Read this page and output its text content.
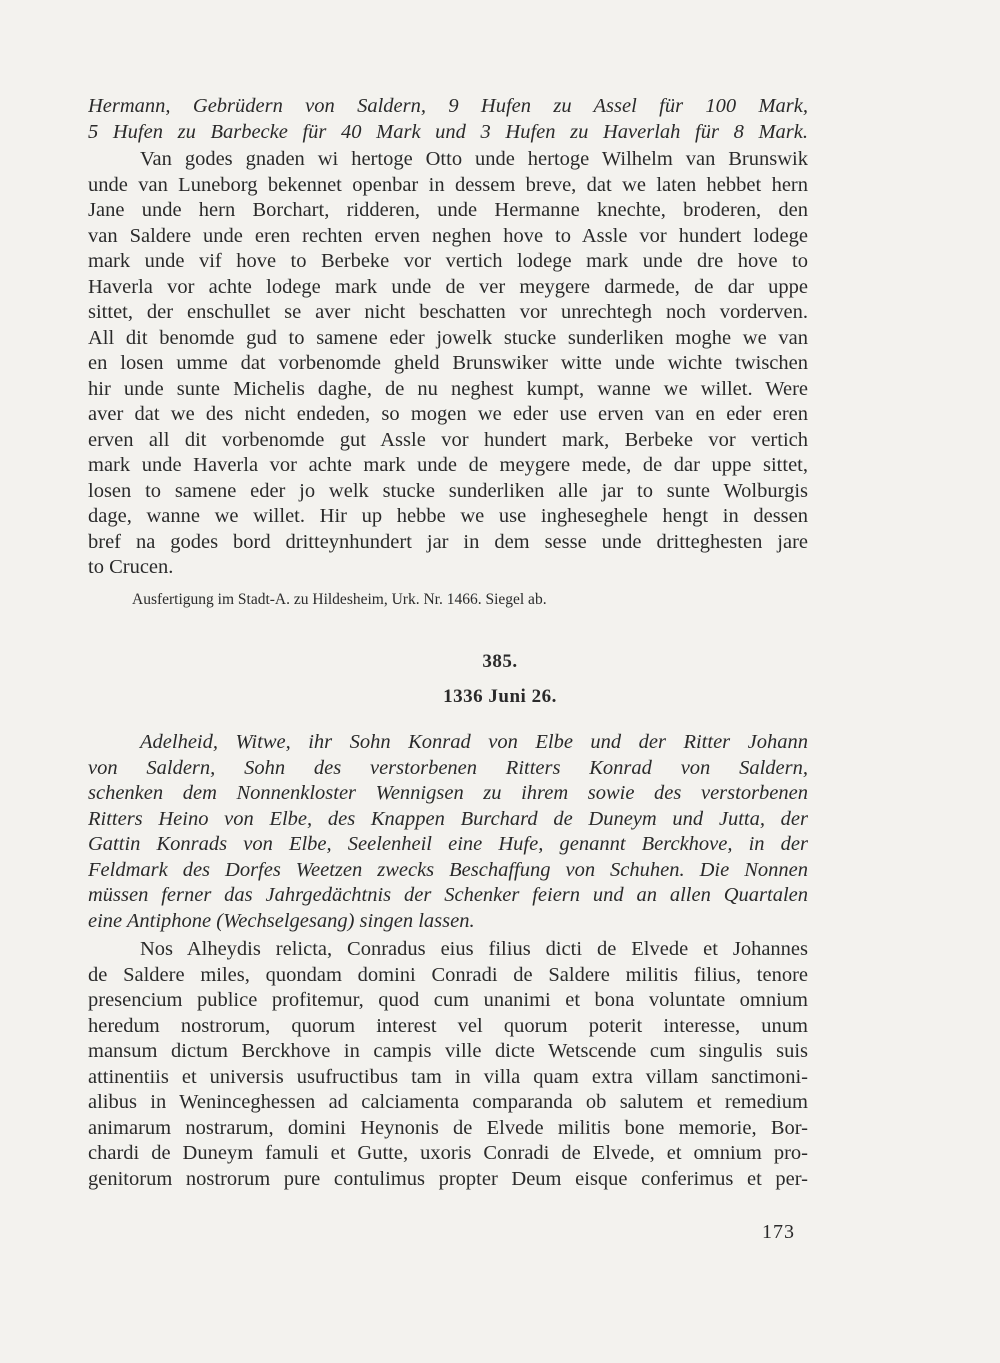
Hermann, Gebrüdern von Saldern, 9 Hufen zu Assel für 100 Mark,
5 Hufen zu Barbecke für 40 Mark und 3 Hufen zu Haverlah für 8 Mark.
Van godes gnaden wi hertoge Otto unde hertoge Wilhelm van Brunswik
unde van Luneborg bekennet openbar in dessem breve, dat we laten hebbet hern
Jane unde hern Borchart, ridderen, unde Hermanne knechte, broderen, den
van Saldere unde eren rechten erven neghen hove to Assle vor hundert lodege
mark unde vif hove to Berbeke vor vertich lodege mark unde dre hove to
Haverla vor achte lodege mark unde de ver meygere darmede, de dar uppe
sittet, der enschullet se aver nicht beschatten vor unrechtegh noch vorderven.
All dit benomde gud to samene eder jowelk stucke sunderliken moghe we van
en losen umme dat vorbenomde gheld Brunswiker witte unde wichte twischen
hir unde sunte Michelis daghe, de nu neghest kumpt, wanne we willet. Were
aver dat we des nicht endeden, so mogen we eder use erven van en eder eren
erven all dit vorbenomde gut Assle vor hundert mark, Berbeke vor vertich
mark unde Haverla vor achte mark unde de meygere mede, de dar uppe sittet,
losen to samene eder jo welk stucke sunderliken alle jar to sunte Wolburgis
dage, wanne we willet. Hir up hebbe we use ingheseghele hengt in dessen
bref na godes bord dritteynhundert jar in dem sesse unde dritteghesten jare
to Crucen.
Ausfertigung im Stadt-A. zu Hildesheim, Urk. Nr. 1466. Siegel ab.
385.
1336 Juni 26.
Adelheid, Witwe, ihr Sohn Konrad von Elbe und der Ritter Johann
von Saldern, Sohn des verstorbenen Ritters Konrad von Saldern,
schenken dem Nonnenkloster Wennigsen zu ihrem sowie des verstorbenen
Ritters Heino von Elbe, des Knappen Burchard de Duneym und Jutta, der
Gattin Konrads von Elbe, Seelenheil eine Hufe, genannt Berckhove, in der
Feldmark des Dorfes Weetzen zwecks Beschaffung von Schuhen. Die Nonnen
müssen ferner das Jahrgedächtnis der Schenker feiern und an allen Quartalen
eine Antiphone (Wechselgesang) singen lassen.
Nos Alheydis relicta, Conradus eius filius dicti de Elvede et Johannes
de Saldere miles, quondam domini Conradi de Saldere militis filius, tenore
presencium publice profitemur, quod cum unanimi et bona voluntate omnium
heredum nostrorum, quorum interest vel quorum poterit interesse, unum
mansum dictum Berckhove in campis ville dicte Wetscende cum singulis suis
attinentiis et universis usufructibus tam in villa quam extra villam sanctimoni-
alibus in Weninceghessen ad calciamenta comparanda ob salutem et remedium
animarum nostrarum, domini Heynonis de Elvede militis bone memorie, Bor-
chardi de Duneym famuli et Gutte, uxoris Conradi de Elvede, et omnium pro-
genitorum nostrorum pure contulimus propter Deum eisque conferimus et per-
173
